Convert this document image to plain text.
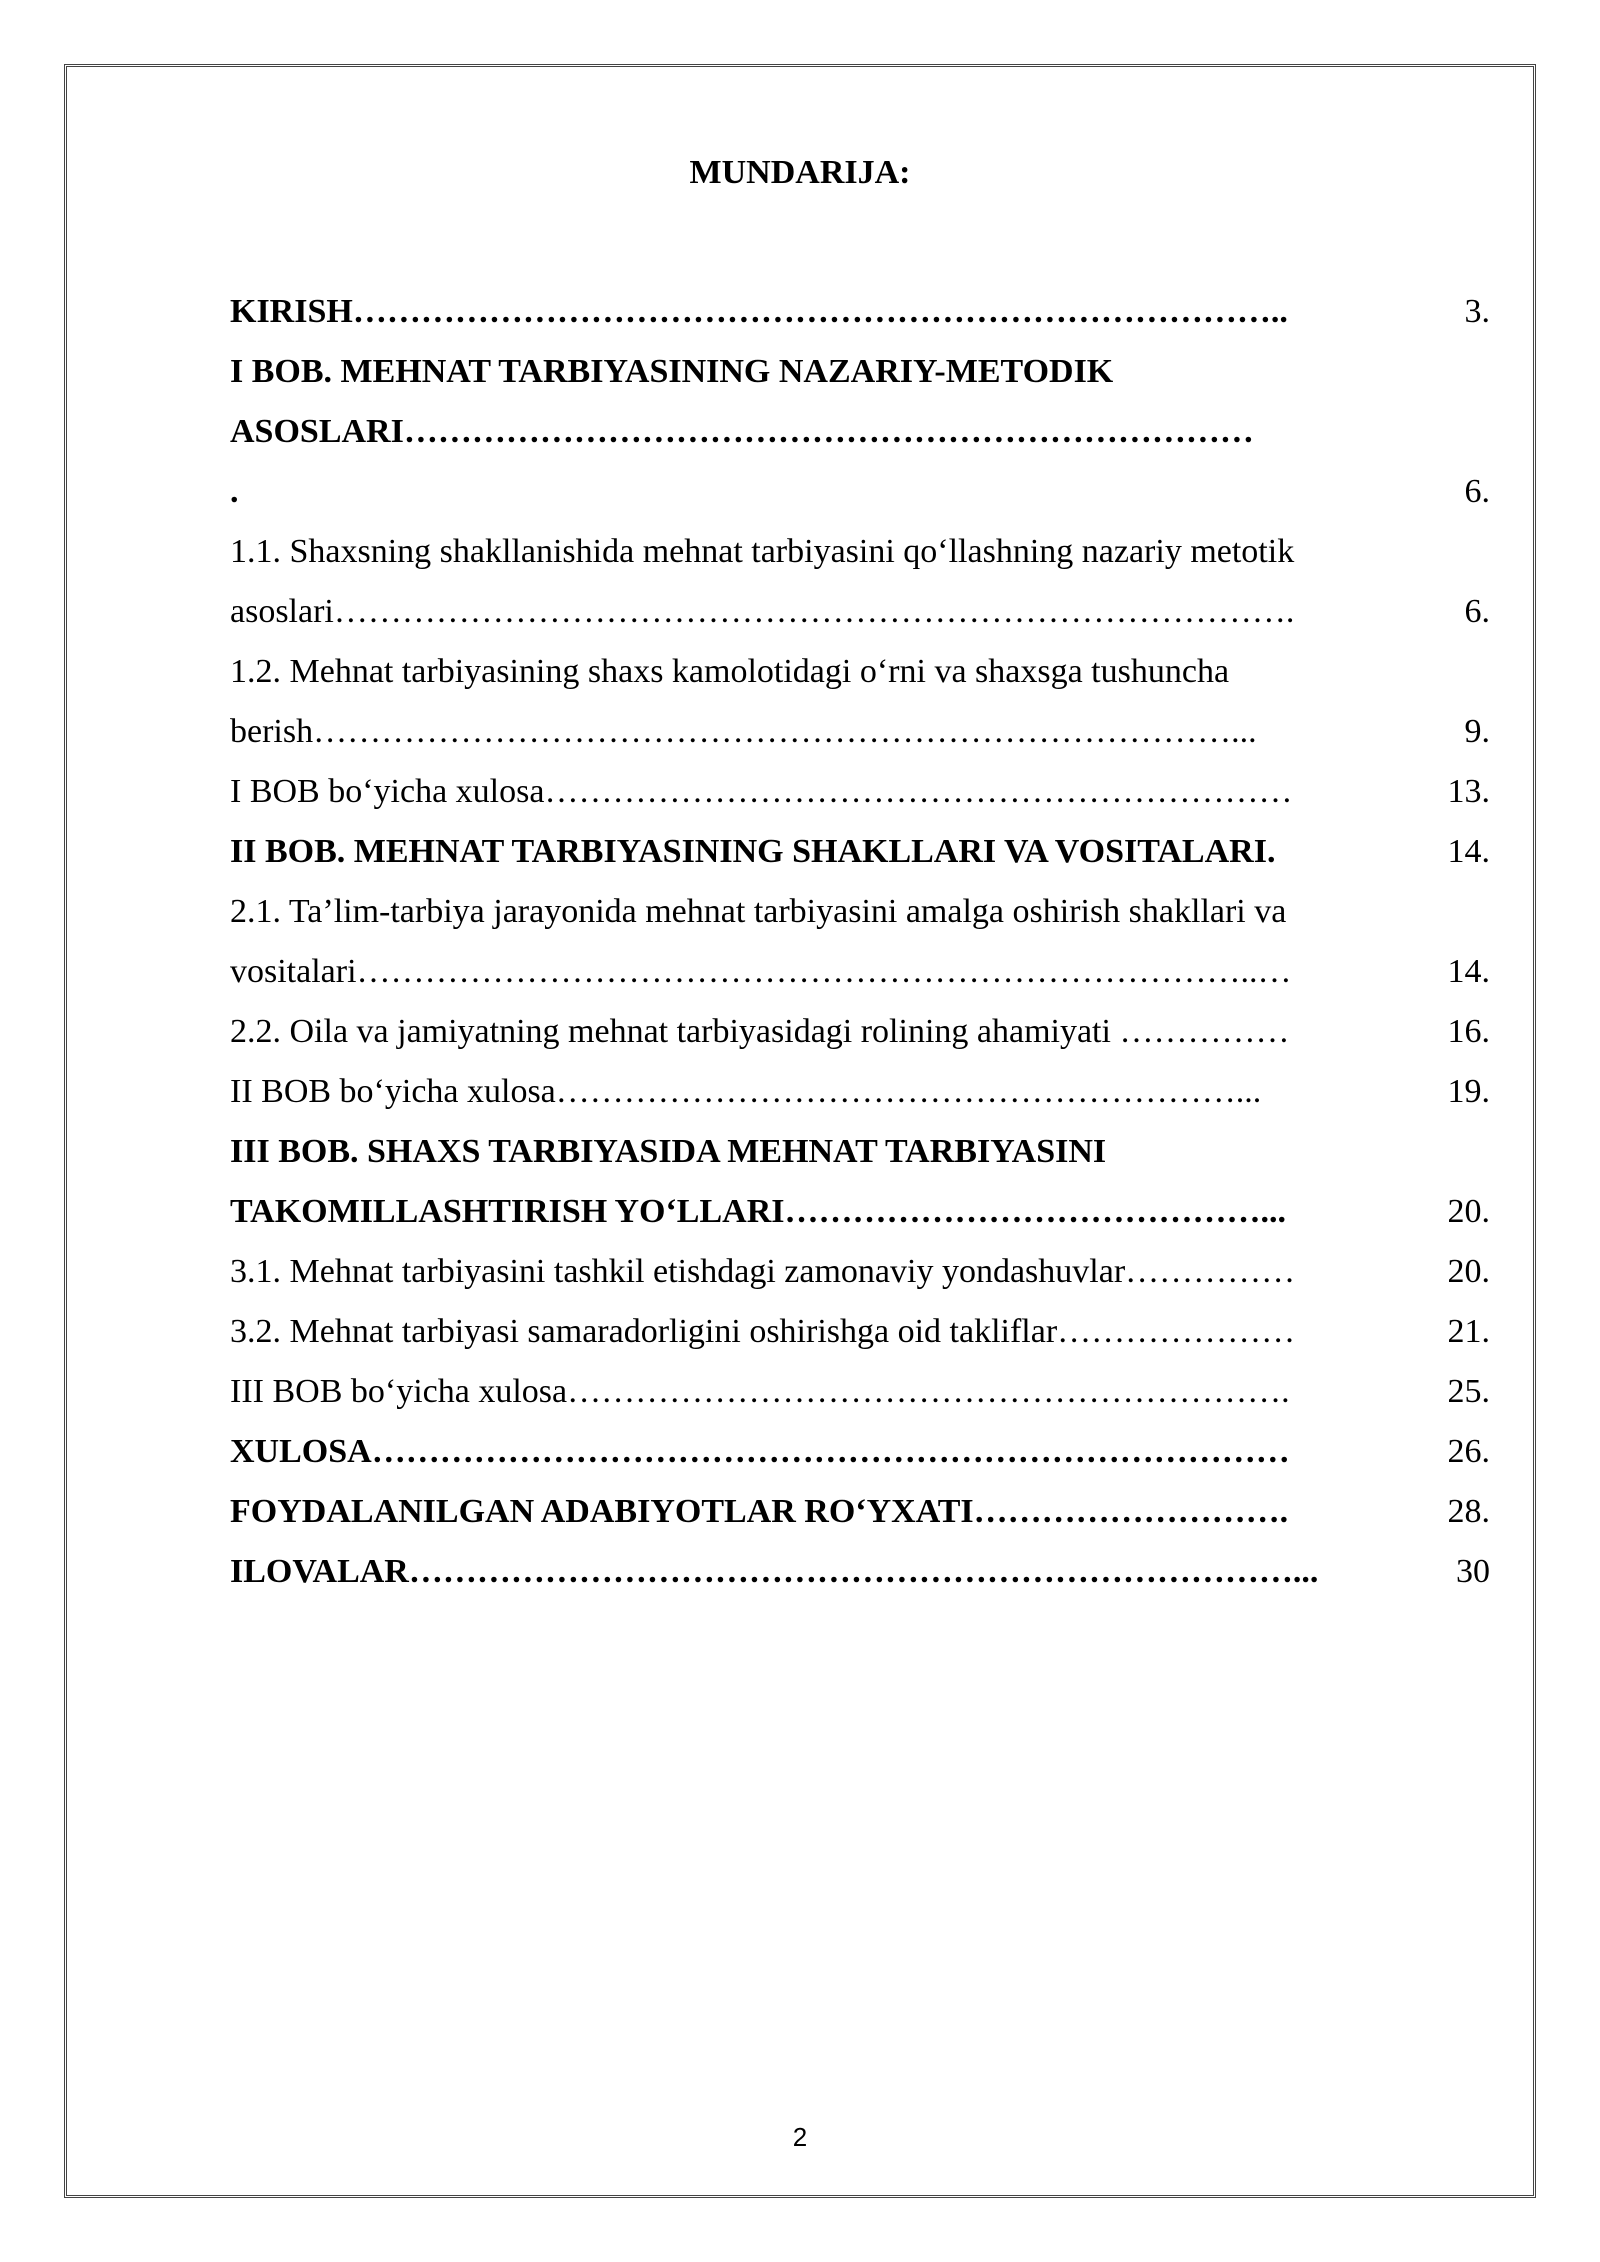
MUNDARIJA:
KIRISH………………………………………………………………………..	3.
I BOB. MEHNAT TARBIYASINING NAZARIY-METODIK
ASOSLARI…………………………………………………………………
.	6.
1.1. Shaxsning shakllanishida mehnat tarbiyasini qo‘llashning nazariy metotik
asoslari………………………………………………………………………….	6.
1.2. Mehnat tarbiyasining shaxs kamolotidagi o‘rni va shaxsga tushuncha
berish………………………………………………………………………...	9.
I BOB bo‘yicha xulosa…………………………………………………………	13.
II BOB. MEHNAT TARBIYASINING SHAKLLARI VA VOSITALARI.	14.
2.1. Ta’lim-tarbiya jarayonida mehnat tarbiyasini amalga oshirish shakllari va
vositalari……………………………………………………………………..…	14.
2.2. Oila va jamiyatning mehnat tarbiyasidagi rolining ahamiyati ……………	16.
II BOB bo‘yicha xulosa……………………………………………………...	19.
III BOB. SHAXS TARBIYASIDA MEHNAT TARBIYASINI
TAKOMILLASHTIRISH YO‘LLARI……………………………………...	20.
3.1. Mehnat tarbiyasini tashkil etishdagi zamonaviy yondashuvlar……………	20.
3.2. Mehnat tarbiyasi samaradorligini oshirishga oid takliflar…………………	21.
III BOB bo‘yicha xulosa……………………………………………………….	25.
XULOSA………………………………………………………………………	26.
FOYDALANILGAN ADABIYOTLAR RO‘YXATI……………………….	28.
ILOVALAR……………………………………………………………………...	30
2
